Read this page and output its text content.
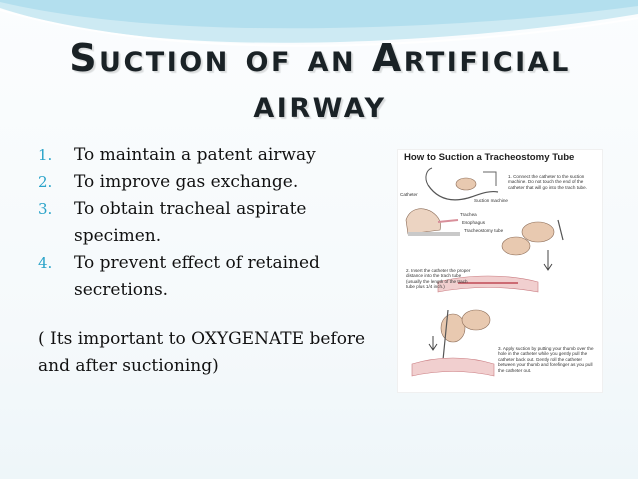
Suction of an Artificial
airway
1. To maintain a patent airway
2. To improve gas exchange.
3. To obtain tracheal aspirate specimen.
4. To prevent effect of retained secretions.
( Its important to OXYGENATE before and after suctioning)
How to Suction a Tracheostomy Tube
Catheter
Suction machine
Trachea
Esophagus
Tracheostomy tube
1. Connect the catheter to the suction machine. Do not touch the end of the catheter that will go into the trach tube.
2. Insert the catheter the proper distance into the trach tube (usually the length of the trach tube plus 1/4 inch.)
3. Apply suction by putting your thumb over the hole in the catheter while you gently pull the catheter back out. Gently roll the catheter between your thumb and forefinger as you pull the catheter out.
